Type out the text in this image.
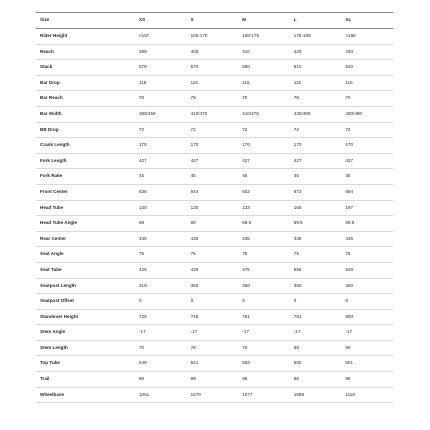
Size	XS	S	M	L	XL
Rider Height	<167	165-170	168-176	176-188	>188
Reach	390	400	410	420	430
Stack	570	570	580	610	640
Bar Drop	115	115	115	115	115
Bar Reach	70	70	70	70	70
Bar Width	390/450	410/470	410/470	430/490	430/490
BB Drop	72	72	72	72	72
Crank Length	170	170	170	170	170
Fork Length	427	427	427	427	427
Fork Rake	45	45	45	45	45
Front Center	636	644	652	673	694
Head Tube	130	130	133	165	197
Head Tube Angle	69	69	69.5	69.5	69.5
Rear Center	435	435	435	435	435
Seat Angle	75	75	75	75	75
Seat Tube	425	439	475	555	548
Seatpost Length	310	360	360	360	360
Seatpost Offset	0	0	0	0	0
Standover Height	729	746	761	781	800
Stem Angle	-17	-17	-17	-17	-17
Stem Length	70	70	70	80	90
Top Tube	540	541	563	582	601
Trail	90	90	86	86	86
Wheelbase	1061	1070	1077	1098	1118
